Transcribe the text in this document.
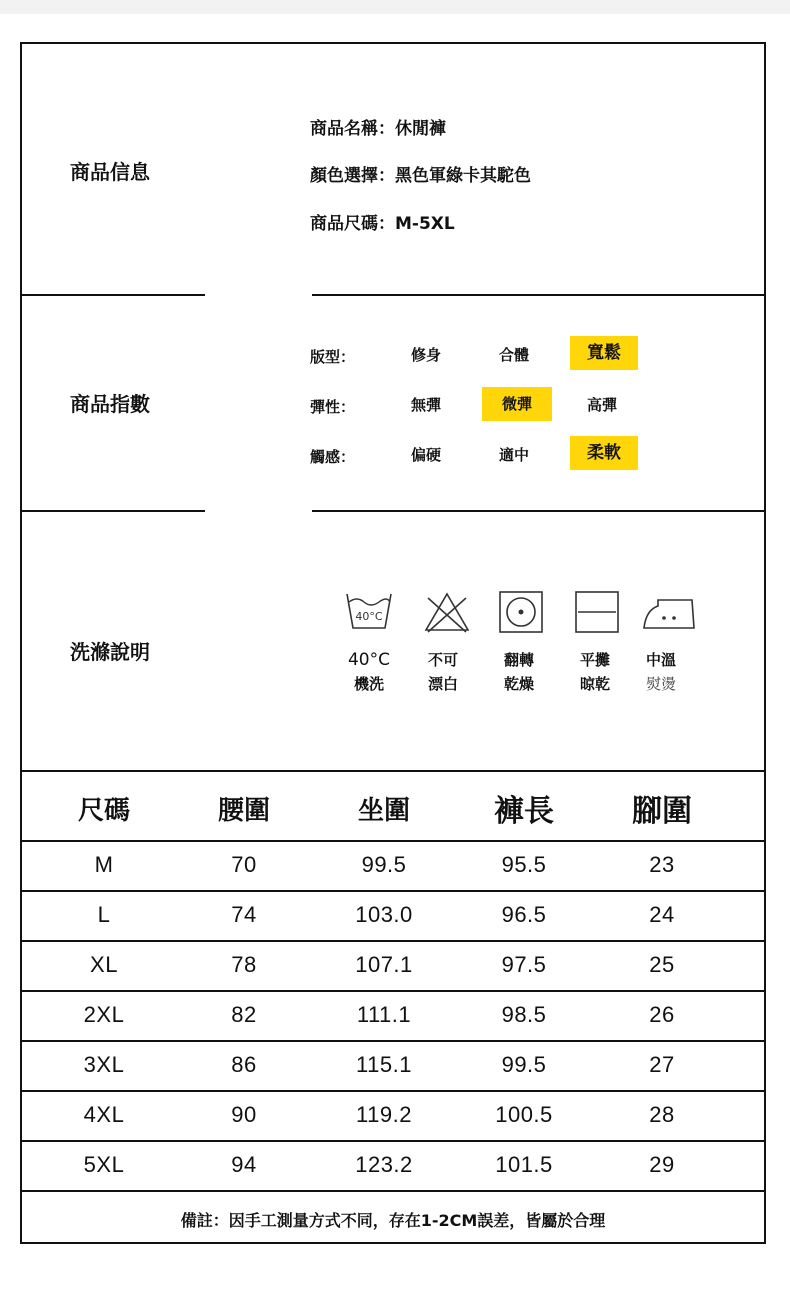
商品信息
商品名稱：休閒褲
顏色選擇：黑色軍綠卡其駝色
商品尺碼：M-5XL
商品指數
版型：	修身	合體	寬鬆
彈性：	無彈	微彈	高彈
觸感：	偏硬	適中	柔軟
洗滌說明
40°C
40°C
機洗
不可
漂白
翻轉
乾燥
平攤
晾乾
中溫
熨燙
尺碼	腰圍	坐圍	褲長	腳圍
M	70	99.5	95.5	23
L	74	103.0	96.5	24
XL	78	107.1	97.5	25
2XL	82	111.1	98.5	26
3XL	86	115.1	99.5	27
4XL	90	119.2	100.5	28
5XL	94	123.2	101.5	29
備註：因手工測量方式不同，存在1-2CM誤差，皆屬於合理
